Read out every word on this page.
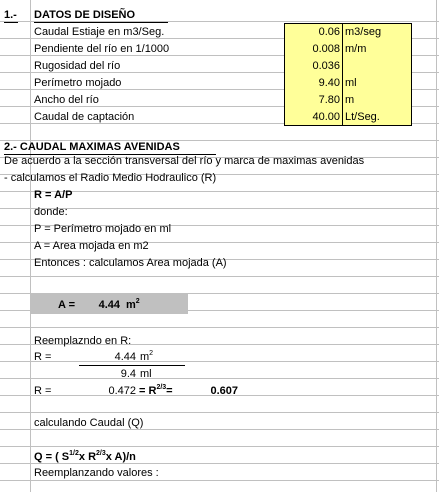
1.- DATOS DE DISEÑO
Caudal Estiaje en m3/Seg.	0.06 m3/seg
Pendiente del río en 1/1000	0.008 m/m
Rugosidad del río	0.036
Perímetro mojado	9.40 ml
Ancho del río	7.80 m
Caudal de captación	40.00 Lt/Seg.
2.- CAUDAL MAXIMAS AVENIDAS
De acuerdo a la sección transversal del río y marca de maximas avenidas
- calculamos el Radio Medio Hodraulico (R)
R = A/P
donde:
P = Perímetro mojado en ml
A = Area mojada en m2
Entonces : calculamos Area mojada (A)
A = 4.44 $m^2$
Reemplazndo en R:
R =	4.44 $m^2$
9.4 ml
R =	$0.472 = R^{2/3}=$	0.607
calculando Caudal (Q)
Q = ( $S^{1/2}x$ $R^{2/3}x$ A)/n
Reemplanzando valores :
